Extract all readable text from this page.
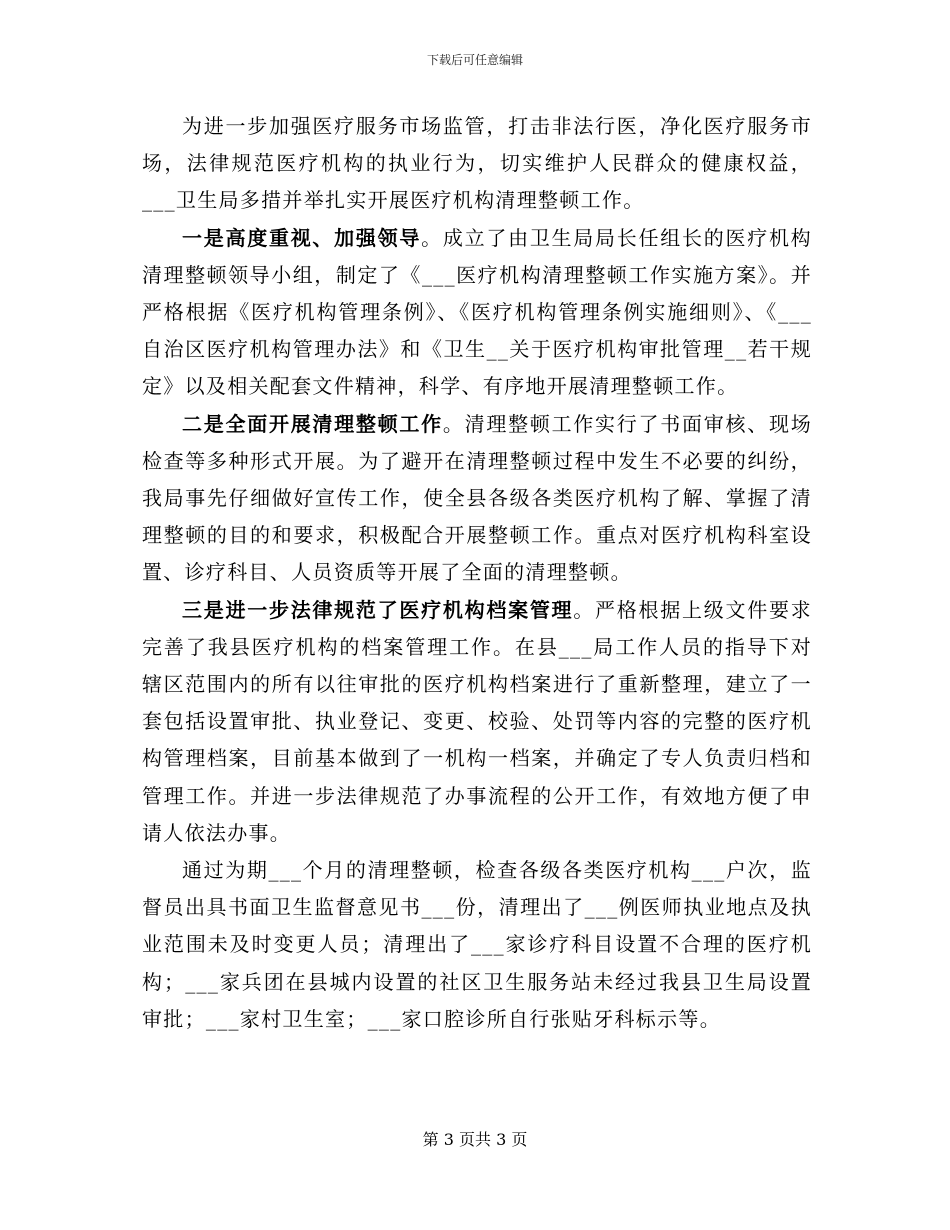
下载后可任意编辑

为进一步加强医疗服务市场监管，打击非法行医，净化医疗服务市场，法律规范医疗机构的执业行为，切实维护人民群众的健康权益，___卫生局多措并举扎实开展医疗机构清理整顿工作。

一是高度重视、加强领导。成立了由卫生局局长任组长的医疗机构清理整顿领导小组，制定了《___医疗机构清理整顿工作实施方案》。并严格根据《医疗机构管理条例》、《医疗机构管理条例实施细则》、《___自治区医疗机构管理办法》和《卫生__关于医疗机构审批管理__若干规定》以及相关配套文件精神，科学、有序地开展清理整顿工作。

二是全面开展清理整顿工作。清理整顿工作实行了书面审核、现场检查等多种形式开展。为了避开在清理整顿过程中发生不必要的纠纷，我局事先仔细做好宣传工作，使全县各级各类医疗机构了解、掌握了清理整顿的目的和要求，积极配合开展整顿工作。重点对医疗机构科室设置、诊疗科目、人员资质等开展了全面的清理整顿。

三是进一步法律规范了医疗机构档案管理。严格根据上级文件要求完善了我县医疗机构的档案管理工作。在县___局工作人员的指导下对辖区范围内的所有以往审批的医疗机构档案进行了重新整理，建立了一套包括设置审批、执业登记、变更、校验、处罚等内容的完整的医疗机构管理档案，目前基本做到了一机构一档案，并确定了专人负责归档和管理工作。并进一步法律规范了办事流程的公开工作，有效地方便了申请人依法办事。

通过为期___个月的清理整顿，检查各级各类医疗机构___户次，监督员出具书面卫生监督意见书___份，清理出了___例医师执业地点及执业范围未及时变更人员；清理出了___家诊疗科目设置不合理的医疗机构；___家兵团在县城内设置的社区卫生服务站未经过我县卫生局设置审批；___家村卫生室；___家口腔诊所自行张贴牙科标示等。

第 3 页共 3 页
